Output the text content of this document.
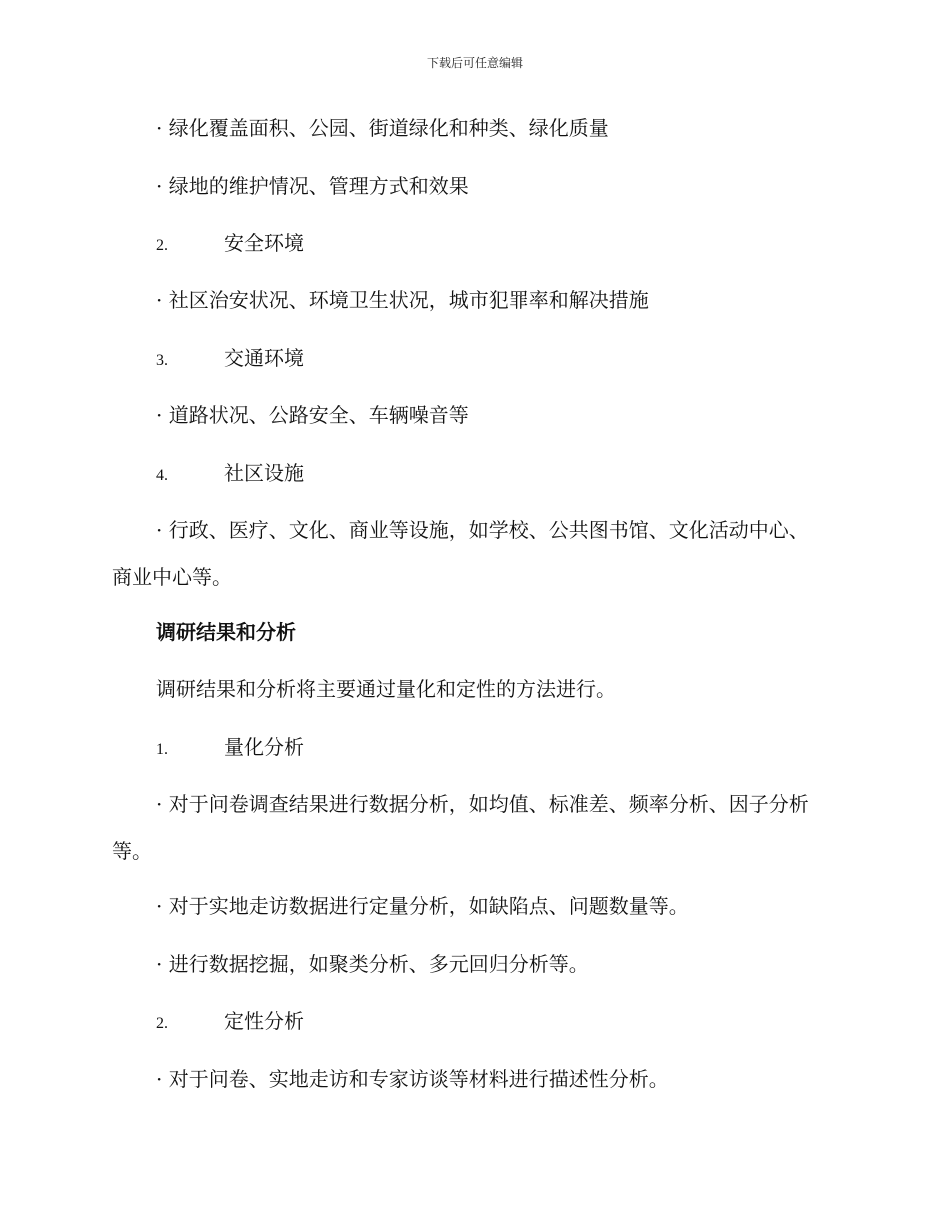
下载后可任意编辑
· 绿化覆盖面积、公园、街道绿化和种类、绿化质量
· 绿地的维护情况、管理方式和效果
2.	安全环境
· 社区治安状况、环境卫生状况，城市犯罪率和解决措施
3.	交通环境
· 道路状况、公路安全、车辆噪音等
4.	社区设施
· 行政、医疗、文化、商业等设施，如学校、公共图书馆、文化活动中心、商业中心等。
调研结果和分析
调研结果和分析将主要通过量化和定性的方法进行。
1.	量化分析
· 对于问卷调查结果进行数据分析，如均值、标准差、频率分析、因子分析等。
· 对于实地走访数据进行定量分析，如缺陷点、问题数量等。
· 进行数据挖掘，如聚类分析、多元回归分析等。
2.	定性分析
· 对于问卷、实地走访和专家访谈等材料进行描述性分析。
